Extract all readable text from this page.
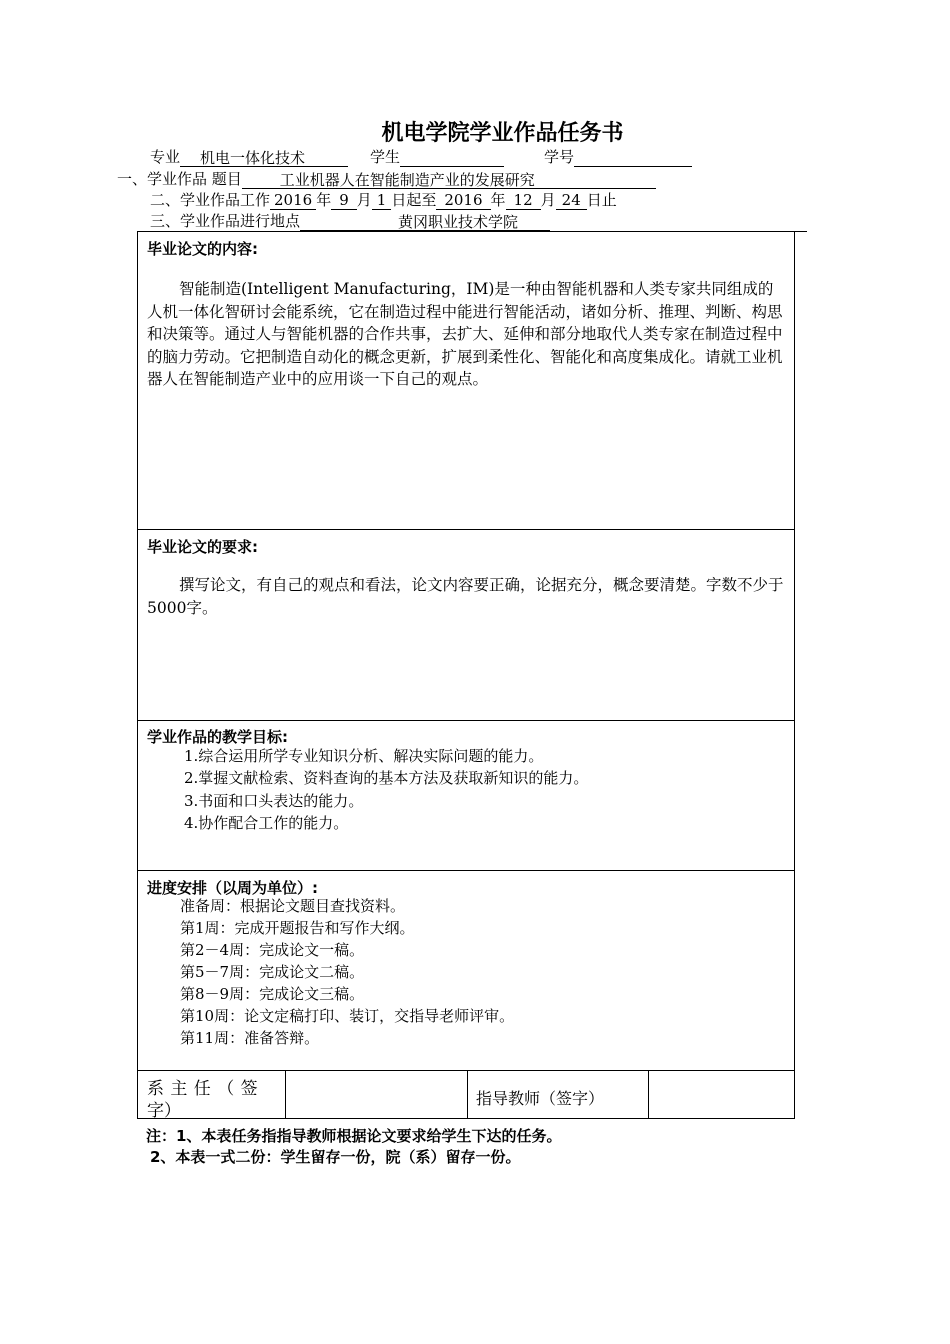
机电学院学业作品任务书
专业 机电一体化技术	学生	学号
一、学业作品 题目	工业机器人在智能制造产业的发展研究
二、学业作品工作 2016 年 9 月 1 日起至 2016 年 12 月 24 日止
三、学业作品进行地点	黄冈职业技术学院
毕业论文的内容:

智能制造(Intelligent Manufacturing，IM)是一种由智能机器和人类专家共同组成的人机一体化智研讨会能系统，它在制造过程中能进行智能活动，诸如分析、推理、判断、构思和决策等。通过人与智能机器的合作共事，去扩大、延伸和部分地取代人类专家在制造过程中的脑力劳动。它把制造自动化的概念更新，扩展到柔性化、智能化和高度集成化。请就工业机器人在智能制造产业中的应用谈一下自己的观点。

毕业论文的要求:

撰写论文，有自己的观点和看法，论文内容要正确，论据充分，概念要清楚。字数不少于5000字。

学业作品的教学目标:
1.综合运用所学专业知识分析、解决实际问题的能力。
2.掌握文献检索、资料查询的基本方法及获取新知识的能力。
3.书面和口头表达的能力。
4.协作配合工作的能力。
进度安排（以周为单位）:
准备周：根据论文题目查找资料。
第1周：完成开题报告和写作大纲。
第2－4周：完成论文一稿。
第5－7周：完成论文二稿。
第8－9周：完成论文三稿。
第10周：论文定稿打印、装订，交指导老师评审。
第11周：准备答辩。
系 主 任 （ 签
字）
指导教师（签字）
注：1、本表任务指指导教师根据论文要求给学生下达的任务。
2、本表一式二份：学生留存一份，院（系）留存一份。
